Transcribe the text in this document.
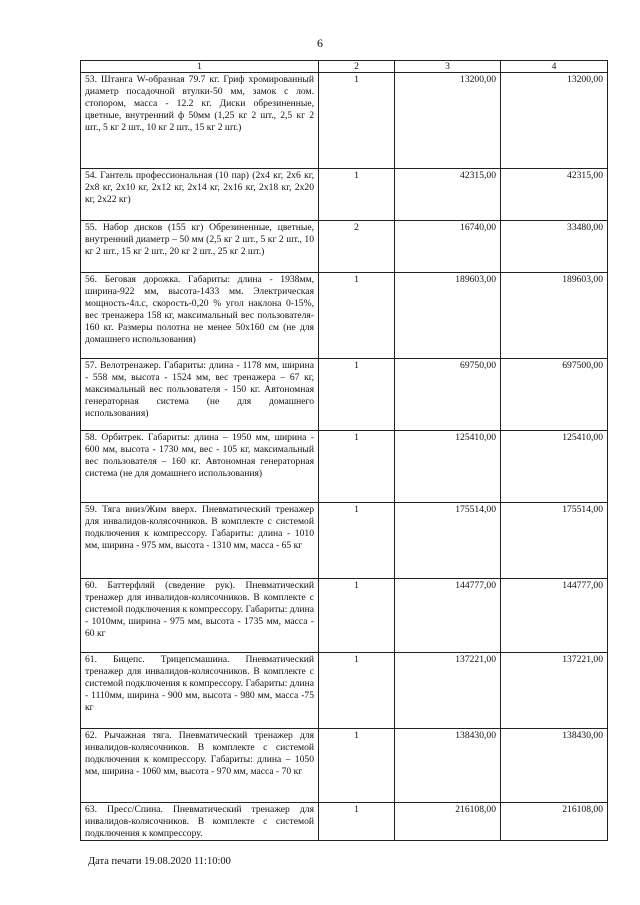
6
1	2	3	4
53. Штанга W-образная 79.7 кг. Гриф хромированный диаметр посадочной втулки-50 мм, замок с лом. стопором, масса - 12.2 кг. Диски обрезиненные, цветные, внутренний ф 50мм (1,25 кг 2 шт., 2,5 кг 2 шт., 5 кг 2 шт., 10 кг 2 шт., 15 кг 2 шт.)	1	13200,00	13200,00
54. Гантель профессиональная (10 пар) (2x4 кг, 2x6 кг, 2x8 кг, 2x10 кг, 2x12 кг, 2x14 кг, 2x16 кг, 2x18 кг, 2x20 кг, 2x22 кг)	1	42315,00	42315,00
55. Набор дисков (155 кг) Обрезиненные, цветные, внутренний диаметр – 50 мм (2,5 кг 2 шт., 5 кг 2 шт., 10 кг 2 шт., 15 кг 2 шт., 20 кг 2 шт., 25 кг 2 шт.)	2	16740,00	33480,00
56. Беговая дорожка. Габариты: длина - 1938мм, ширина-922 мм, высота-1433 мм. Электрическая мощность-4л.с, скорость-0,20 % угол наклона 0-15%, вес тренажера 158 кг, максимальный вес пользователя- 160 кг. Размеры полотна не менее 50x160 см (не для домашнего использования)	1	189603,00	189603,00
57. Велотренажер. Габариты: длина - 1178 мм, ширина - 558 мм, высота - 1524 мм, вес тренажера – 67 кг, максимальный вес пользователя - 150 кг. Автономная генераторная система (не для домашнего использования)	1	69750,00	697500,00
58. Орбитрек. Габариты: длина – 1950 мм, ширина - 600 мм, высота - 1730 мм, вес - 105 кг, максимальный вес пользователя – 160 кг. Автономная генераторная система (не для домашнего использования)	1	125410,00	125410,00
59. Тяга вниз/Жим вверх. Пневматический тренажер для инвалидов-колясочников. В комплекте с системой подключения к компрессору. Габариты: длина - 1010 мм, ширина - 975 мм, высота - 1310 мм, масса - 65 кг	1	175514,00	175514,00
60. Баттерфляй (сведение рук). Пневматический тренажер для инвалидов-колясочников. В комплекте с системой подключения к компрессору. Габариты: длина - 1010мм, ширина - 975 мм, высота - 1735 мм, масса - 60 кг	1	144777,00	144777,00
61. Бицепс. Трицепсмашина. Пневматический тренажер для инвалидов-колясочников. В комплекте с системой подключения к компрессору. Габариты: длина - 1110мм, ширина - 900 мм, высота - 980 мм, масса -75 кг	1	137221,00	137221,00
62. Рычажная тяга. Пневматический тренажер для инвалидов-колясочников. В комплекте с системой подключения к компрессору. Габариты: длина – 1050 мм, ширина - 1060 мм, высота - 970 мм, масса - 70 кг	1	138430,00	138430,00
63. Пресс/Спина. Пневматический тренажер для инвалидов-колясочников. В комплекте с системой подключения к компрессору.	1	216108,00	216108,00
Дата печати 19.08.2020 11:10:00
